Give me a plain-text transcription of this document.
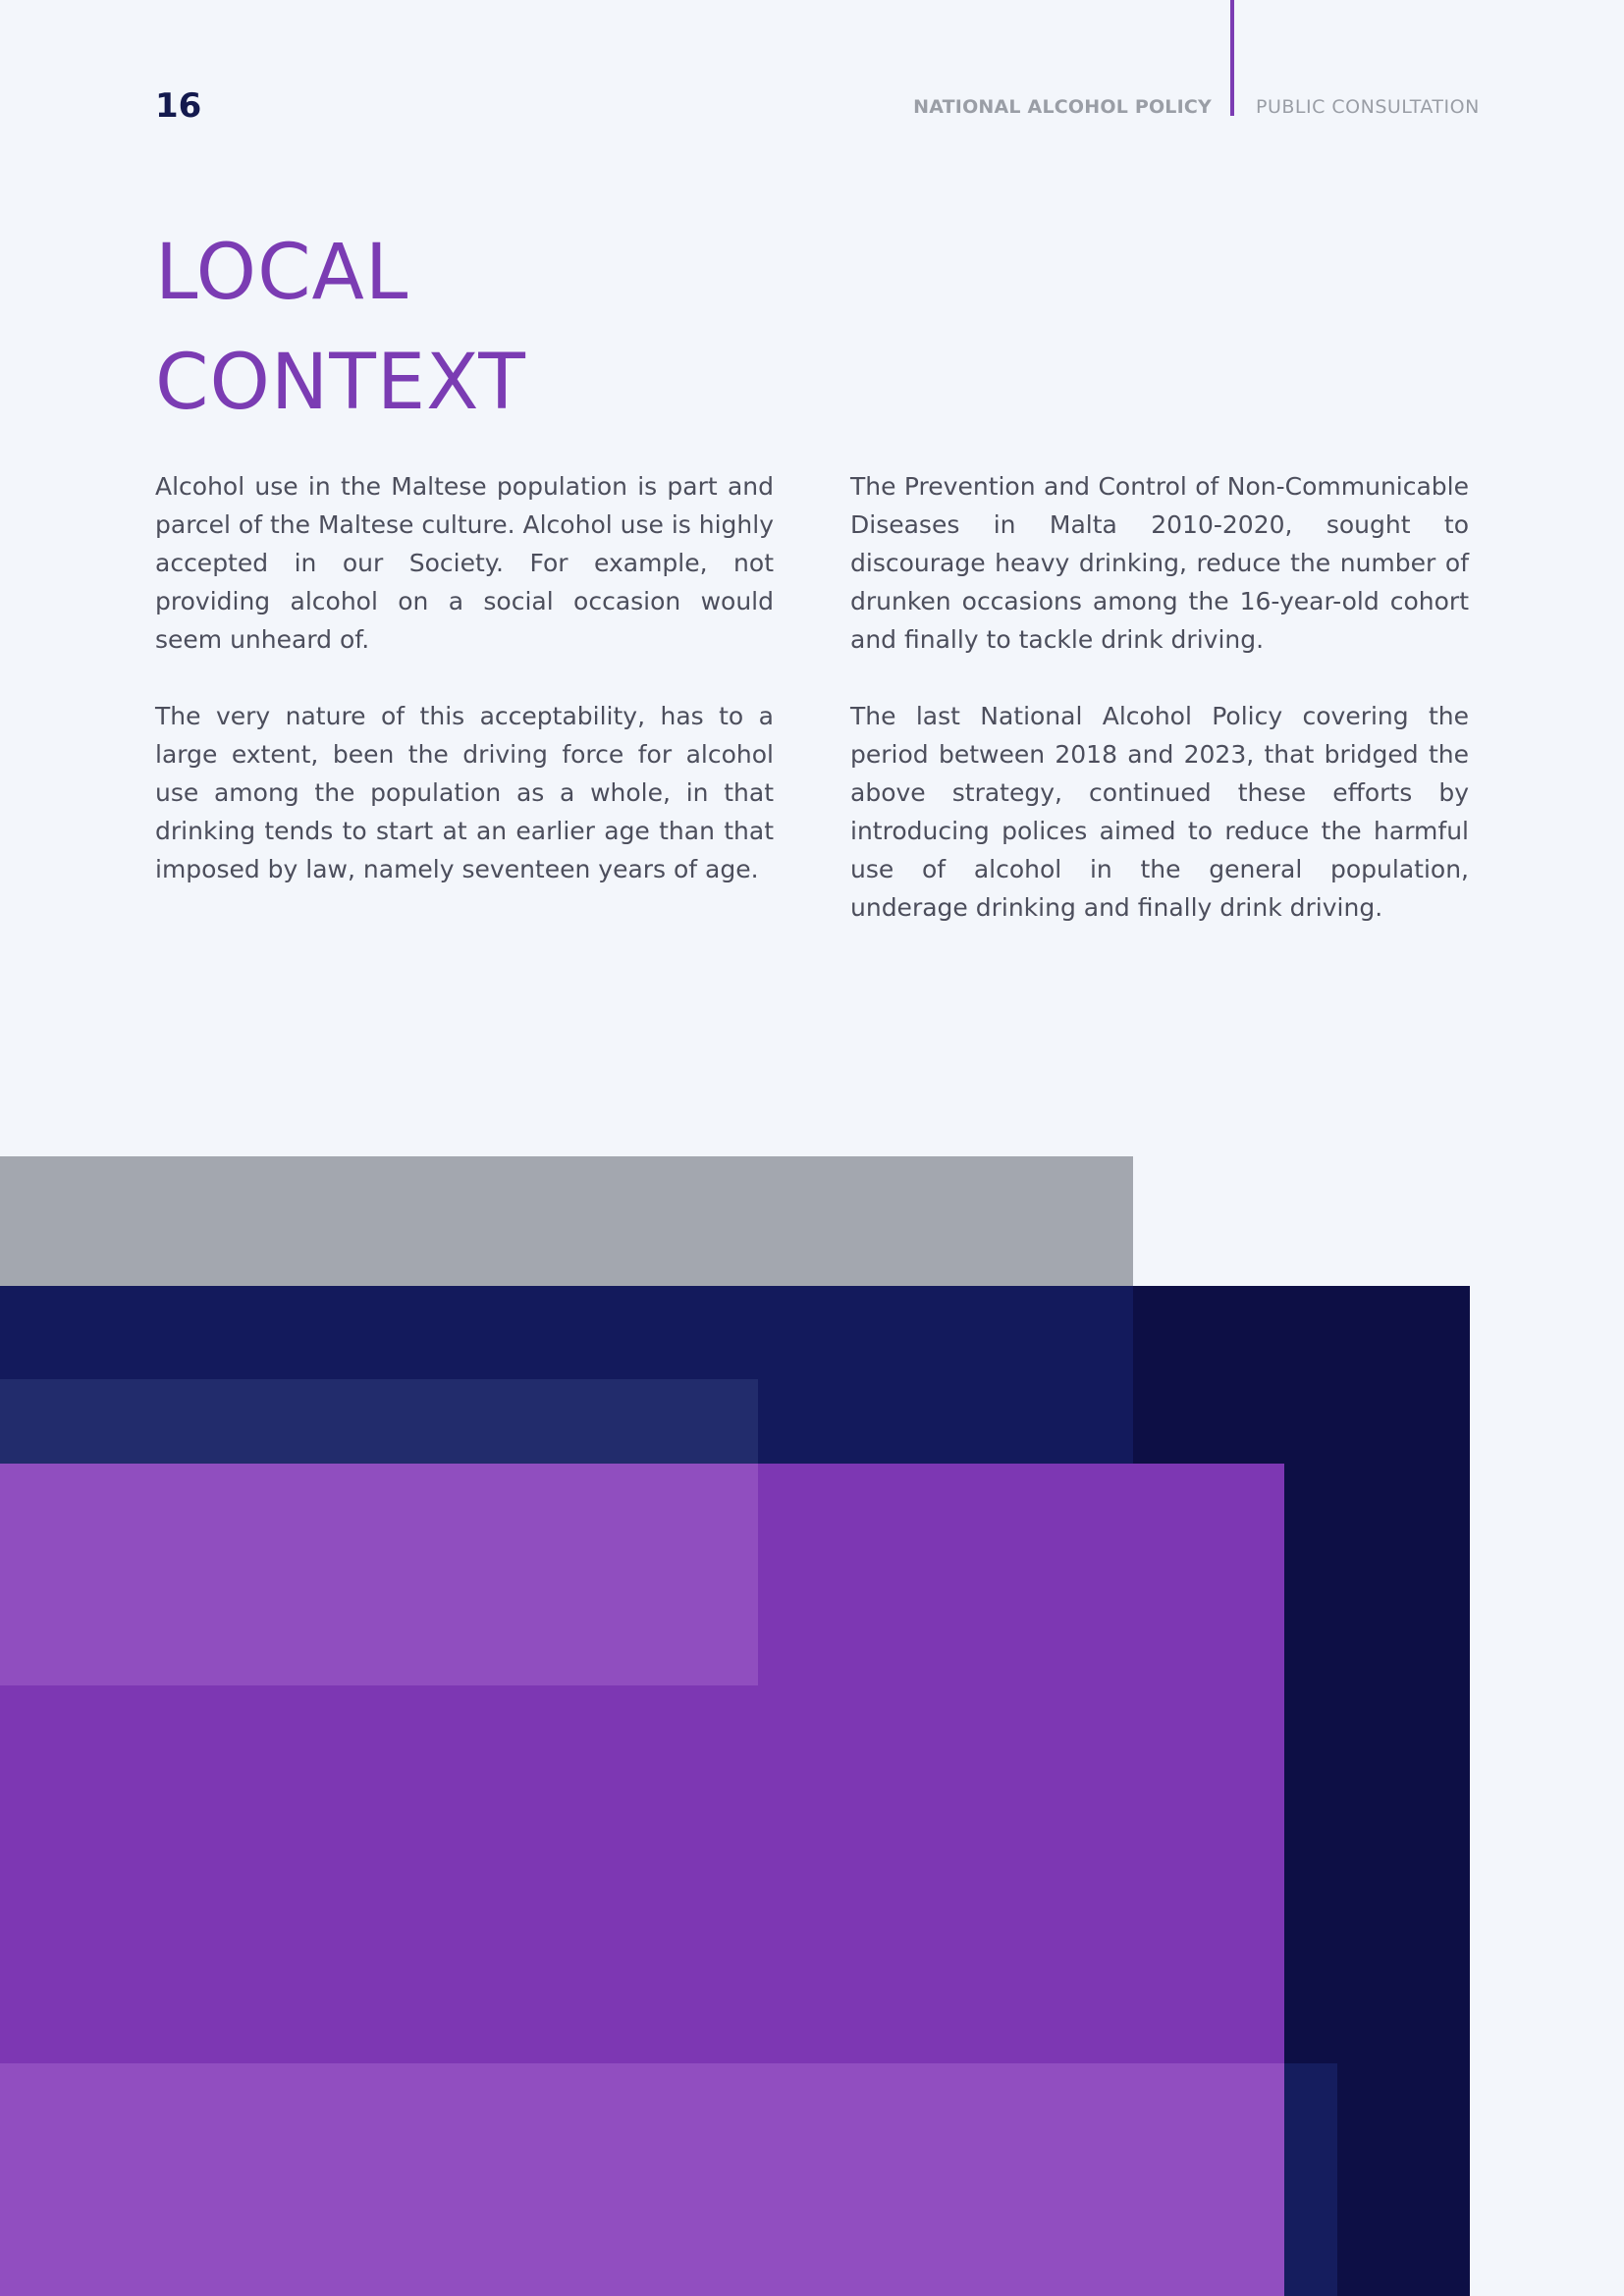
16	NATIONAL ALCOHOL POLICY PUBLIC CONSULTATION
LOCAL
CONTEXT

Alcohol use in the Maltese population is part and parcel of the Maltese culture. Alcohol use is highly accepted in our Society. For example, not providing alcohol on a social occasion would seem unheard of.

The very nature of this acceptability, has to a large extent, been the driving force for alcohol use among the population as a whole, in that drinking tends to start at an earlier age than that imposed by law, namely seventeen years of age.

The Prevention and Control of Non-Communicable Diseases in Malta 2010-2020, sought to discourage heavy drinking, reduce the number of drunken occasions among the 16-year-old cohort and finally to tackle drink driving.

The last National Alcohol Policy covering the period between 2018 and 2023, that bridged the above strategy, continued these efforts by introducing polices aimed to reduce the harmful use of alcohol in the general population, underage drinking and finally drink driving.
